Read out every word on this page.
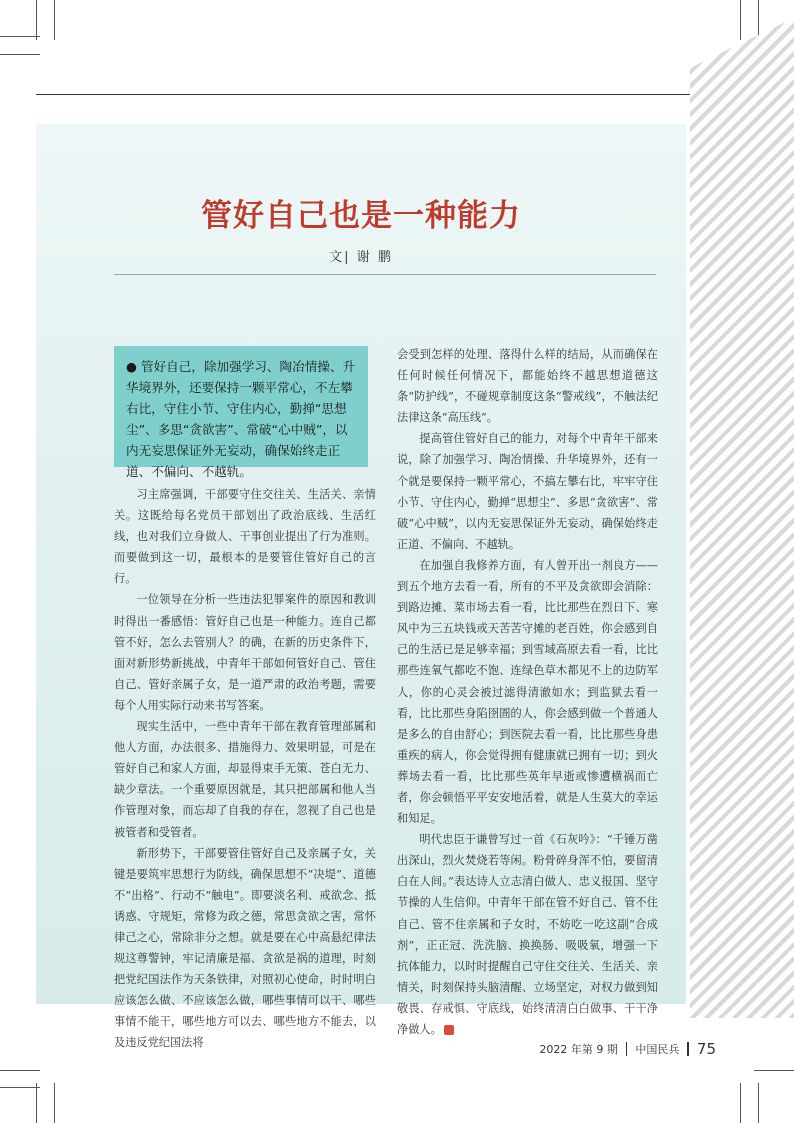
管好自己也是一种能力
文| 谢 鹏
● 管好自己，除加强学习、陶冶情操、升华境界外，还要保持一颗平常心，不左攀右比，守住小节、守住内心，勤掸“思想尘”、多思“贪欲害”、常破“心中贼”，以内无妄思保证外无妄动，确保始终走正道、不偏向、不越轨。

习主席强调，干部要守住交往关、生活关、亲情关。这既给每名党员干部划出了政治底线、生活红线，也对我们立身做人、干事创业提出了行为准则。而要做到这一切，最根本的是要管住管好自己的言行。

一位领导在分析一些违法犯罪案件的原因和教训时得出一番感悟：管好自己也是一种能力。连自己都管不好，怎么去管别人？的确，在新的历史条件下，面对新形势新挑战，中青年干部如何管好自己、管住自己、管好亲属子女，是一道严肃的政治考题，需要每个人用实际行动来书写答案。

现实生活中，一些中青年干部在教育管理部属和他人方面，办法很多、措施得力、效果明显，可是在管好自己和家人方面，却显得束手无策、苍白无力、缺少章法。一个重要原因就是，其只把部属和他人当作管理对象，而忘却了自我的存在，忽视了自己也是被管者和受管者。

新形势下，干部要管住管好自己及亲属子女，关键是要筑牢思想行为防线，确保思想不“决堤”、道德不“出格”、行动不“触电”。即要淡名利、戒欲念、抵诱惑、守规矩，常修为政之德，常思贪欲之害，常怀律己之心，常除非分之想。就是要在心中高悬纪律法规这尊警钟，牢记清廉是福、贪欲是祸的道理，时刻把党纪国法作为天条铁律，对照初心使命，时时明白应该怎么做、不应该怎么做，哪些事情可以干、哪些事情不能干，哪些地方可以去、哪些地方不能去，以及违反党纪国法将

会受到怎样的处理、落得什么样的结局，从而确保在任何时候任何情况下，都能始终不越思想道德这条“防护线”，不碰规章制度这条“警戒线”，不触法纪法律这条“高压线”。

提高管住管好自己的能力，对每个中青年干部来说，除了加强学习、陶冶情操、升华境界外，还有一个就是要保持一颗平常心，不搞左攀右比，牢牢守住小节、守住内心，勤掸“思想尘”、多思“贪欲害”、常破“心中贼”，以内无妄思保证外无妄动，确保始终走正道、不偏向、不越轨。

在加强自我修养方面，有人曾开出一剂良方——到五个地方去看一看，所有的不平及贪欲即会消除：到路边摊、菜市场去看一看，比比那些在烈日下、寒风中为三五块钱或天苦苦守摊的老百姓，你会感到自己的生活已是足够幸福；到雪域高原去看一看，比比那些连氧气都吃不饱、连绿色草木都见不上的边防军人，你的心灵会被过滤得清澈如水；到监狱去看一看，比比那些身陷囹圄的人，你会感到做一个普通人是多么的自由舒心；到医院去看一看，比比那些身患重疾的病人，你会觉得拥有健康就已拥有一切；到火葬场去看一看，比比那些英年早逝或惨遭横祸而亡者，你会顿悟平平安安地活着，就是人生莫大的幸运和知足。

明代忠臣于谦曾写过一首《石灰吟》：“千锤万凿出深山，烈火焚烧若等闲。粉骨碎身浑不怕，要留清白在人间。”表达诗人立志清白做人、忠义报国、坚守节操的人生信仰。中青年干部在管不好自己、管不住自己、管不住亲属和子女时，不妨吃一吃这副“合成剂”，正正冠、洗洗脑、换换肠、吸吸氧，增强一下抗体能力，以时时提醒自己守住交往关、生活关、亲情关，时刻保持头脑清醒、立场坚定，对权力做到知敬畏、存戒惧、守底线，始终清清白白做事、干干净净做人。

2022 年第 9 期 中国民兵 75
